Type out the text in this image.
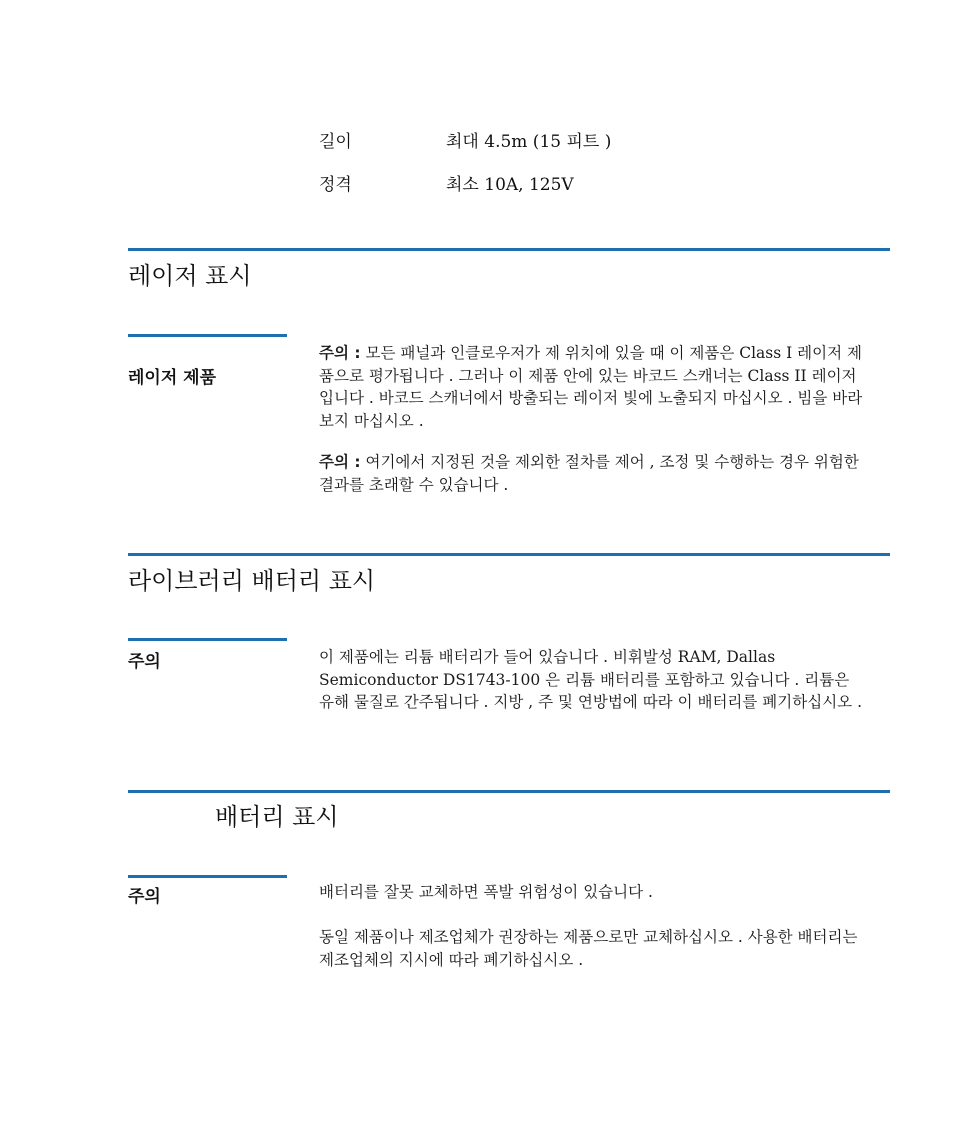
길이	최대 4.5m (15 피트 )
정격	최소 10A, 125V
레이저 표시
레이저 제품
주의 : 모든 패널과 인클로우저가 제 위치에 있을 때 이 제품은 Class I 레이저 제품으로 평가됩니다 . 그러나 이 제품 안에 있는 바코드 스캐너는 Class II 레이저입니다 . 바코드 스캐너에서 방출되는 레이저 빛에 노출되지 마십시오 . 빔을 바라보지 마십시오 .
주의 : 여기에서 지정된 것을 제외한 절차를 제어 , 조정 및 수행하는 경우 위험한 결과를 초래할 수 있습니다 .
라이브러리 배터리 표시
주의	이 제품에는 리튬 배터리가 들어 있습니다 . 비휘발성 RAM, Dallas Semiconductor DS1743-100 은 리튬 배터리를 포함하고 있습니다 . 리튬은 유해 물질로 간주됩니다 . 지방 , 주 및 연방법에 따라 이 배터리를 폐기하십시오 .
배터리 표시
주의	배터리를 잘못 교체하면 폭발 위험성이 있습니다 .
동일 제품이나 제조업체가 권장하는 제품으로만 교체하십시오 . 사용한 배터리는 제조업체의 지시에 따라 폐기하십시오 .
